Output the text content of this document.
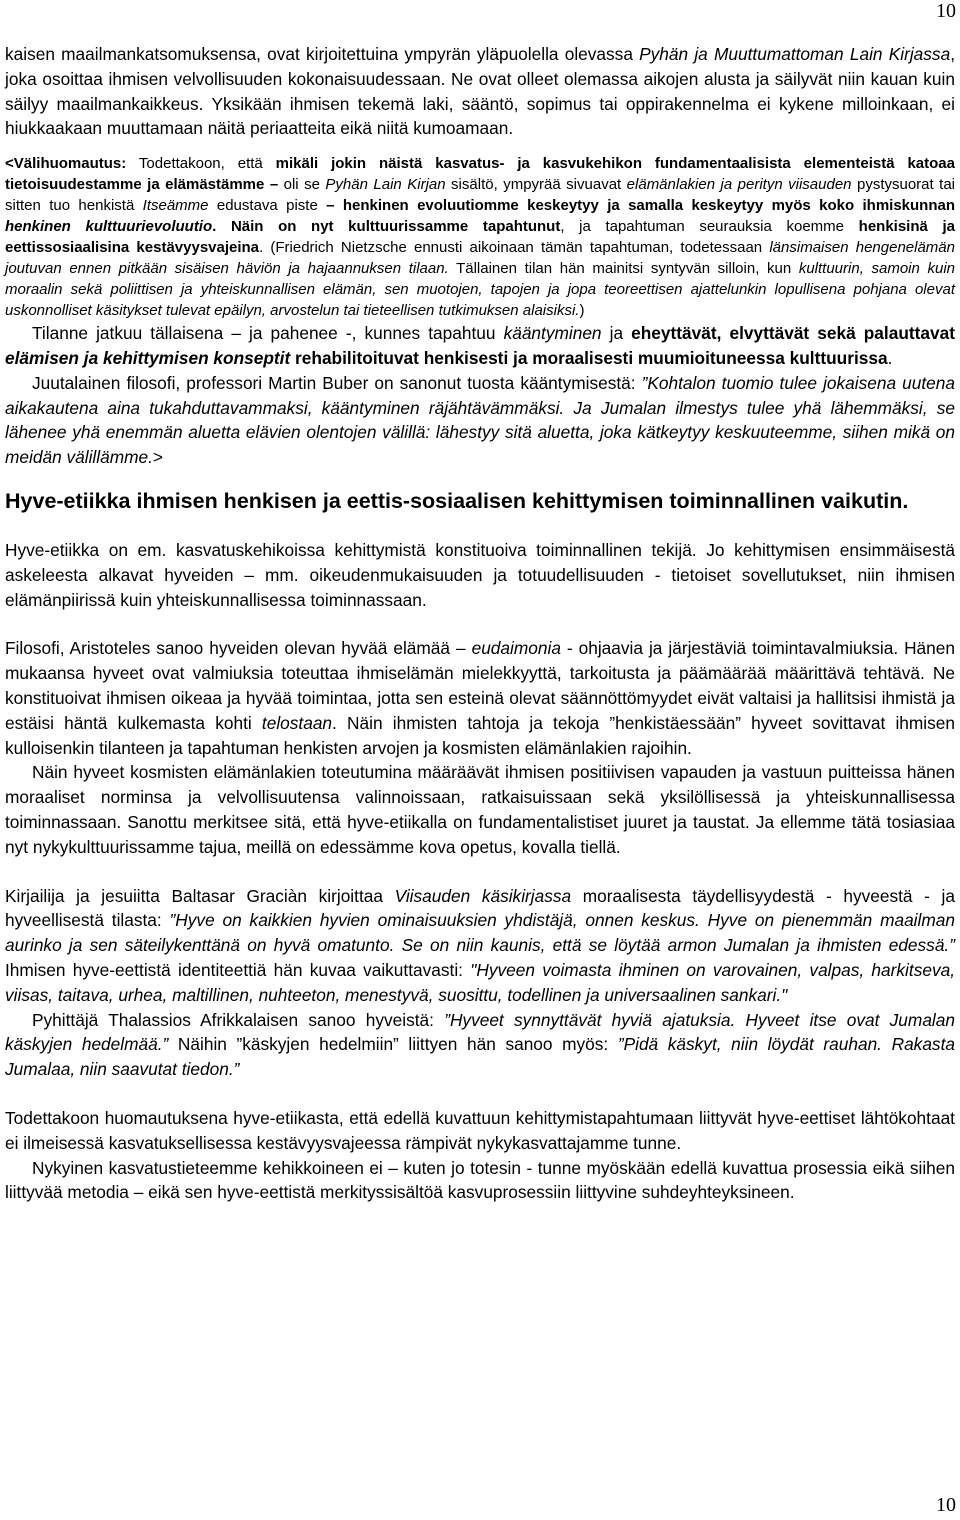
10

kaisen maailmankatsomuksensa, ovat kirjoitettuina ympyrän yläpuolella olevassa Pyhän ja Muuttumattoman Lain Kirjassa, joka osoittaa ihmisen velvollisuuden kokonaisuudessaan. Ne ovat olleet olemassa aikojen alusta ja säilyvät niin kauan kuin säilyy maailmankaikkeus. Yksikään ihmisen tekemä laki, sääntö, sopimus tai oppirakennelma ei kykene milloinkaan, ei hiukkaakaan muuttamaan näitä periaatteita eikä niitä kumoamaan.

<Välihuomautus: Todettakoon, että mikäli jokin näistä kasvatus- ja kasvukehikon fundamentaalisista elementeistä katoaa tietoisuudestamme ja elämästämme – oli se Pyhän Lain Kirjan sisältö, ympyrää sivuavat elämänlakien ja perityn viisauden pystysuorat tai sitten tuo henkistä Itseämme edustava piste – henkinen evoluutiomme keskeytyy ja samalla keskeytyy myös koko ihmiskunnan henkinen kulttuurievoluutio. Näin on nyt kulttuurissamme tapahtunut, ja tapahtuman seurauksia koemme henkisinä ja eettissosiaalisina kestävyysvajeina. (Friedrich Nietzsche ennusti aikoinaan tämän tapahtuman, todetessaan länsimaisen hengenelämän joutuvan ennen pitkään sisäisen häviön ja hajaannuksen tilaan. Tällainen tilan hän mainitsi syntyvän silloin, kun kulttuurin, samoin kuin moraalin sekä poliittisen ja yhteiskunnallisen elämän, sen muotojen, tapojen ja jopa teoreettisen ajattelunkin lopullisena pohjana olevat uskonnolliset käsitykset tulevat epäilyn, arvostelun tai tieteellisen tutkimuksen alaisiksi.)

Tilanne jatkuu tällaisena – ja pahenee -, kunnes tapahtuu kääntyminen ja eheyttävät, elvyttävät sekä palauttavat elämisen ja kehittymisen konseptit rehabilitoituvat henkisesti ja moraalisesti muumioituneessa kulttuurissa.

Juutalainen filosofi, professori Martin Buber on sanonut tuosta kääntymisestä: ”Kohtalon tuomio tulee jokaisena uutena aikakautena aina tukahduttavammaksi, kääntyminen räjähtävämmäksi. Ja Jumalan ilmestys tulee yhä lähemmäksi, se lähenee yhä enemmän aluetta elävien olentojen välillä: lähestyy sitä aluetta, joka kätkeytyy keskuuteemme, siihen mikä on meidän välillämme.>

Hyve-etiikka ihmisen henkisen ja eettis-sosiaalisen kehittymisen toiminnallinen vaikutin.

Hyve-etiikka on em. kasvatuskehikoissa kehittymistä konstituoiva toiminnallinen tekijä. Jo kehittymisen ensimmäisestä askeleesta alkavat hyveiden – mm. oikeudenmukaisuuden ja totuudellisuuden - tietoiset sovellutukset, niin ihmisen elämänpiirissä kuin yhteiskunnallisessa toiminnassaan.

Filosofi, Aristoteles sanoo hyveiden olevan hyvää elämää – eudaimonia - ohjaavia ja järjestäviä toimintavalmiuksia. Hänen mukaansa hyveet ovat valmiuksia toteuttaa ihmiselämän mielekkyyttä, tarkoitusta ja päämäärää määrittävä tehtävä. Ne konstituoivat ihmisen oikeaa ja hyvää toimintaa, jotta sen esteinä olevat säännöttömyydet eivät valtaisi ja hallitsisi ihmistä ja estäisi häntä kulkemasta kohti telostaan. Näin ihmisten tahtoja ja tekoja ”henkistäessään” hyveet sovittavat ihmisen kulloisenkin tilanteen ja tapahtuman henkisten arvojen ja kosmisten elämänlakien rajoihin.

Näin hyveet kosmisten elämänlakien toteutumina määräävät ihmisen positiivisen vapauden ja vastuun puitteissa hänen moraaliset norminsa ja velvollisuutensa valinnoissaan, ratkaisuissaan sekä yksilöllisessä ja yhteiskunnallisessa toiminnassaan. Sanottu merkitsee sitä, että hyve-etiikalla on fundamentalistiset juuret ja taustat. Ja ellemme tätä tosiasiaa nyt nykykulttuurissamme tajua, meillä on edessämme kova opetus, kovalla tiellä.

Kirjailija ja jesuiitta Baltasar Graciàn kirjoittaa Viisauden käsikirjassa moraalisesta täydellisyydestä - hyveestä - ja hyveellisestä tilasta: ”Hyve on kaikkien hyvien ominaisuuksien yhdistäjä, onnen keskus. Hyve on pienemmän maailman aurinko ja sen säteilykenttänä on hyvä omatunto. Se on niin kaunis, että se löytää armon Jumalan ja ihmisten edessä.” Ihmisen hyve-eettistä identiteettiä hän kuvaa vaikuttavasti: "Hyveen voimasta ihminen on varovainen, valpas, harkitseva, viisas, taitava, urhea, maltillinen, nuhteeton, menestyvä, suosittu, todellinen ja universaalinen sankari."

Pyhittäjä Thalassios Afrikkalaisen sanoo hyveistä: ”Hyveet synnyttävät hyviä ajatuksia. Hyveet itse ovat Jumalan käskyjen hedelmää.” Näihin ”käskyjen hedelmiin” liittyen hän sanoo myös: ”Pidä käskyt, niin löydät rauhan. Rakasta Jumalaa, niin saavutat tiedon.”

Todettakoon huomautuksena hyve-etiikasta, että edellä kuvattuun kehittymistapahtumaan liittyvät hyve-eettiset lähtökohtaat ei ilmeisessä kasvatuksellisessa kestävyysvajeessa rämpivät nykykasvattajamme tunne.

Nykyinen kasvatustieteemme kehikkoineen ei – kuten jo totesin - tunne myöskään edellä kuvattua prosessia eikä siihen liittyvää metodia – eikä sen hyve-eettistä merkityssisältöä kasvuprosessiin liittyvine suhdeyhteyksineen.

10
